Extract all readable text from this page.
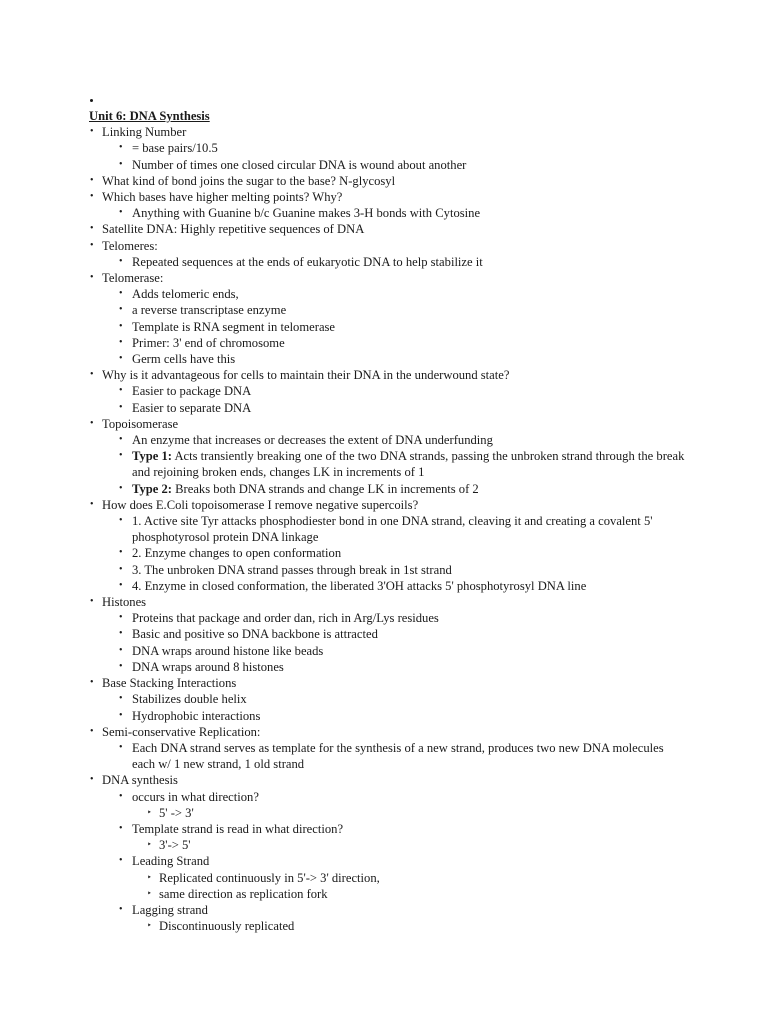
Unit 6: DNA Synthesis
• Linking Number
• = base pairs/10.5
• Number of times one closed circular DNA is wound about another
• What kind of bond joins the sugar to the base? N-glycosyl
• Which bases have higher melting points? Why?
• Anything with Guanine b/c Guanine makes 3-H bonds with Cytosine
• Satellite DNA: Highly repetitive sequences of DNA
• Telomeres:
• Repeated sequences at the ends of eukaryotic DNA to help stabilize it
• Telomerase:
• Adds telomeric ends,
• a reverse transcriptase enzyme
• Template is RNA segment in telomerase
• Primer: 3' end of chromosome
• Germ cells have this
• Why is it advantageous for cells to maintain their DNA in the underwound state?
• Easier to package DNA
• Easier to separate DNA
• Topoisomerase
• An enzyme that increases or decreases the extent of DNA underfunding
• Type 1: Acts transiently breaking one of the two DNA strands, passing the unbroken strand through the break and rejoining broken ends, changes LK in increments of 1
• Type 2: Breaks both DNA strands and change LK in increments of 2
• How does E.Coli topoisomerase I remove negative supercoils?
• 1. Active site Tyr attacks phosphodiester bond in one DNA strand, cleaving it and creating a covalent 5' phosphotyrosol protein DNA linkage
• 2. Enzyme changes to open conformation
• 3. The unbroken DNA strand passes through break in 1st strand
• 4. Enzyme in closed conformation, the liberated 3'OH attacks 5' phosphotyrosyl DNA line
• Histones
• Proteins that package and order dan, rich in Arg/Lys residues
• Basic and positive so DNA backbone is attracted
• DNA wraps around histone like beads
• DNA wraps around 8 histones
• Base Stacking Interactions
• Stabilizes double helix
• Hydrophobic interactions
• Semi-conservative Replication:
• Each DNA strand serves as template for the synthesis of a new strand, produces two new DNA molecules each w/ 1 new strand, 1 old strand
• DNA synthesis
• occurs in what direction?
‣ 5' -> 3'
• Template strand is read in what direction?
‣ 3'-> 5'
• Leading Strand
‣ Replicated continuously in 5'-> 3' direction,
‣ same direction as replication fork
• Lagging strand
‣ Discontinuously replicated
